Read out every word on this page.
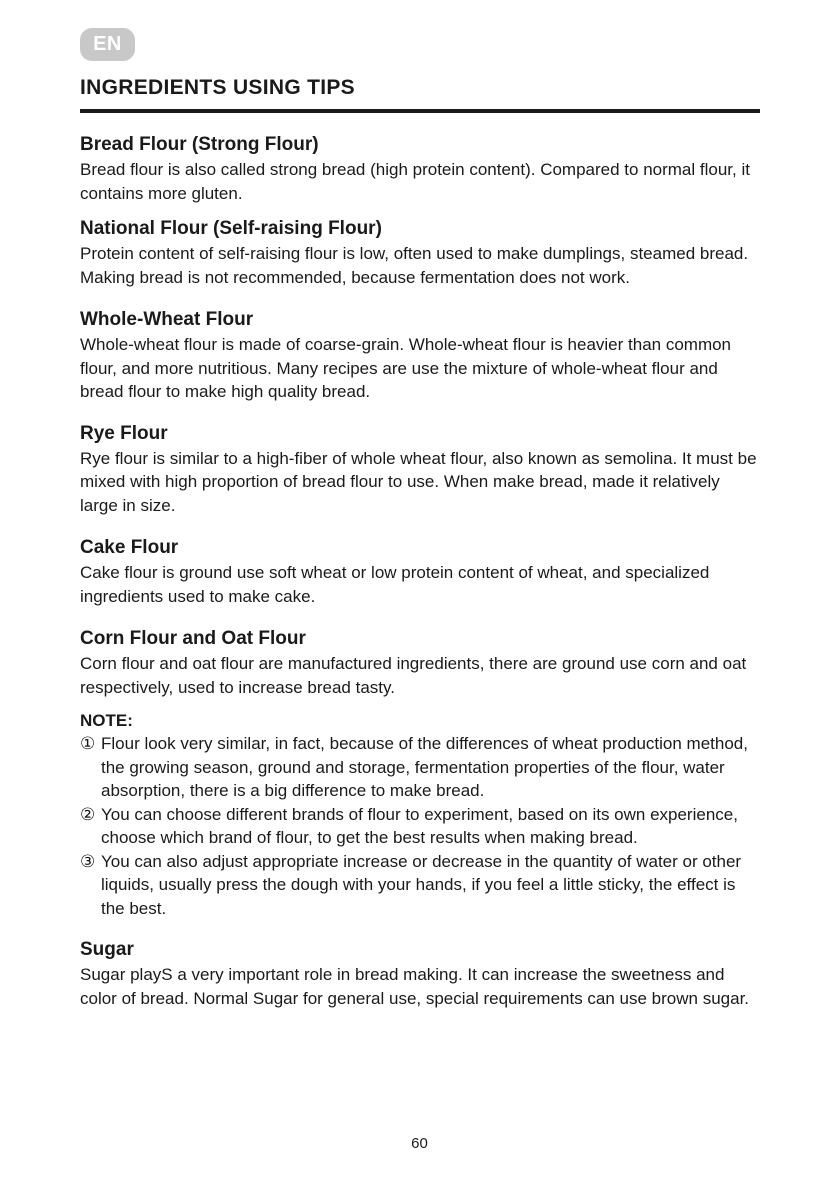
EN
INGREDIENTS USING TIPS
Bread Flour (Strong Flour)

Bread flour is also called strong bread (high protein content). Compared to normal flour, it contains more gluten.

National Flour (Self-raising Flour)

Protein content of self-raising flour is low, often used to make dumplings, steamed bread. Making bread is not recommended, because fermentation does not work.

Whole-Wheat Flour

Whole-wheat flour is made of coarse-grain. Whole-wheat flour is heavier than common flour, and more nutritious. Many recipes are use the mixture of whole-wheat flour and bread flour to make high quality bread.

Rye Flour

Rye flour is similar to a high-fiber of whole wheat flour, also known as semolina. It must be mixed with high proportion of bread flour to use. When make bread, made it relatively large in size.

Cake Flour

Cake flour is ground use soft wheat or low protein content of wheat, and specialized ingredients used to make cake.

Corn Flour and Oat Flour

Corn flour and oat flour are manufactured ingredients, there are ground use corn and oat respectively, used to increase bread tasty.

NOTE:
① Flour look very similar, in fact, because of the differences of wheat production method, the growing season, ground and storage, fermentation properties of the flour, water absorption, there is a big difference to make bread.
② You can choose different brands of flour to experiment, based on its own experience, choose which brand of flour, to get the best results when making bread.
③ You can also adjust appropriate increase or decrease in the quantity of water or other liquids, usually press the dough with your hands, if you feel a little sticky, the effect is the best.
Sugar

Sugar playS a very important role in bread making. It can increase the sweetness and color of bread. Normal Sugar for general use, special requirements can use brown sugar.

60
